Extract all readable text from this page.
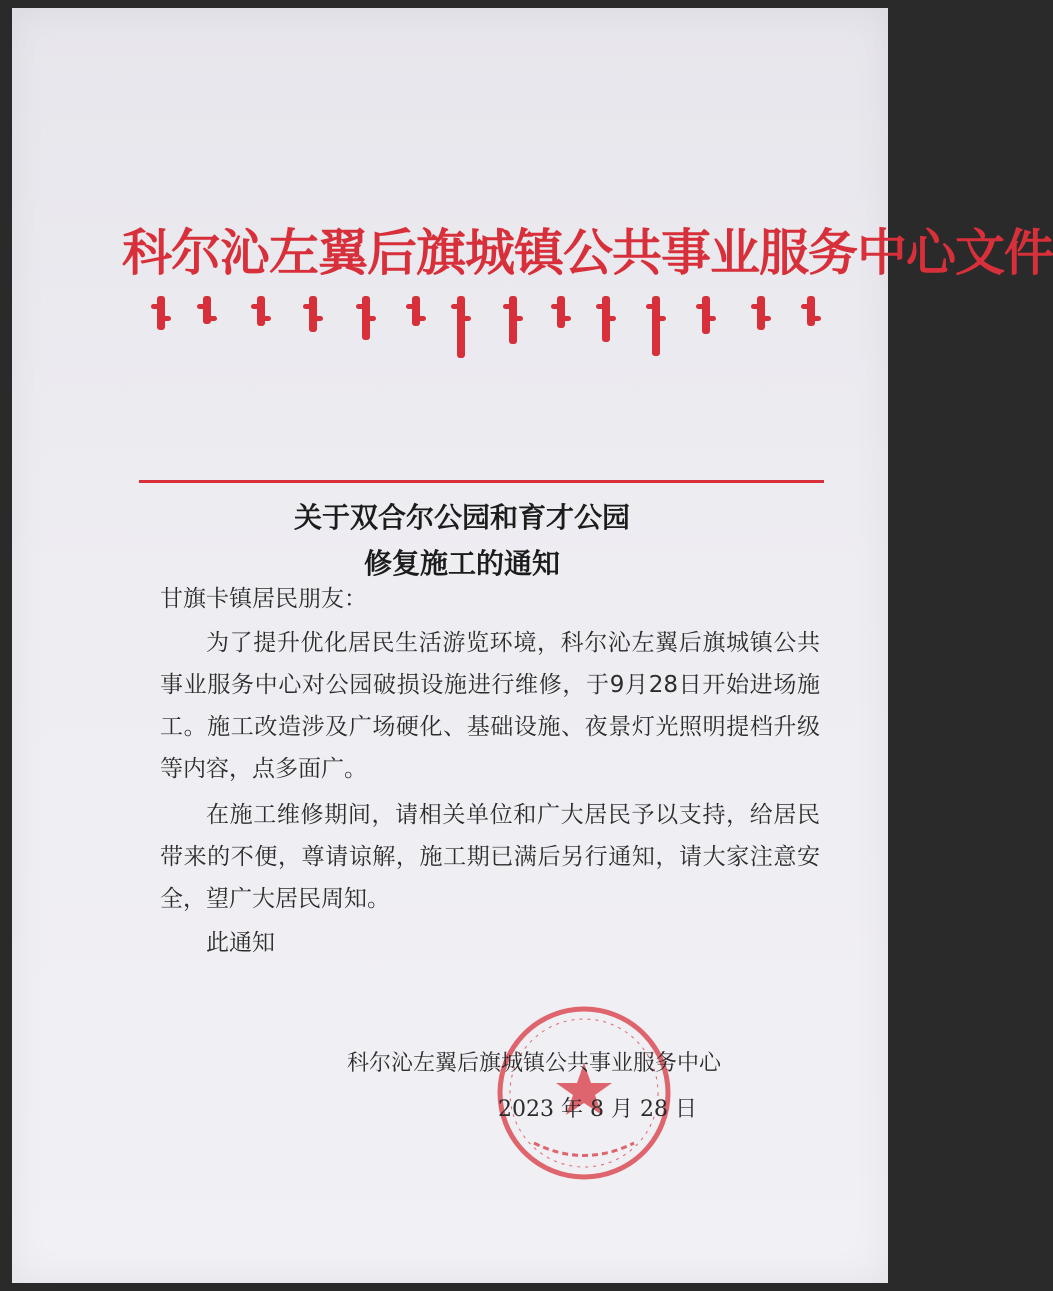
科尔沁左翼后旗城镇公共事业服务中心文件
关于双合尔公园和育才公园
修复施工的通知
甘旗卡镇居民朋友：
为了提升优化居民生活游览环境，科尔沁左翼后旗城镇公共事业服务中心对公园破损设施进行维修，于9月28日开始进场施工。施工改造涉及广场硬化、基础设施、夜景灯光照明提档升级等内容，点多面广。
在施工维修期间，请相关单位和广大居民予以支持，给居民带来的不便，尊请谅解，施工期已满后另行通知，请大家注意安全，望广大居民周知。
此通知
科尔沁左翼后旗城镇公共事业服务中心
2023 年 8 月 28 日
